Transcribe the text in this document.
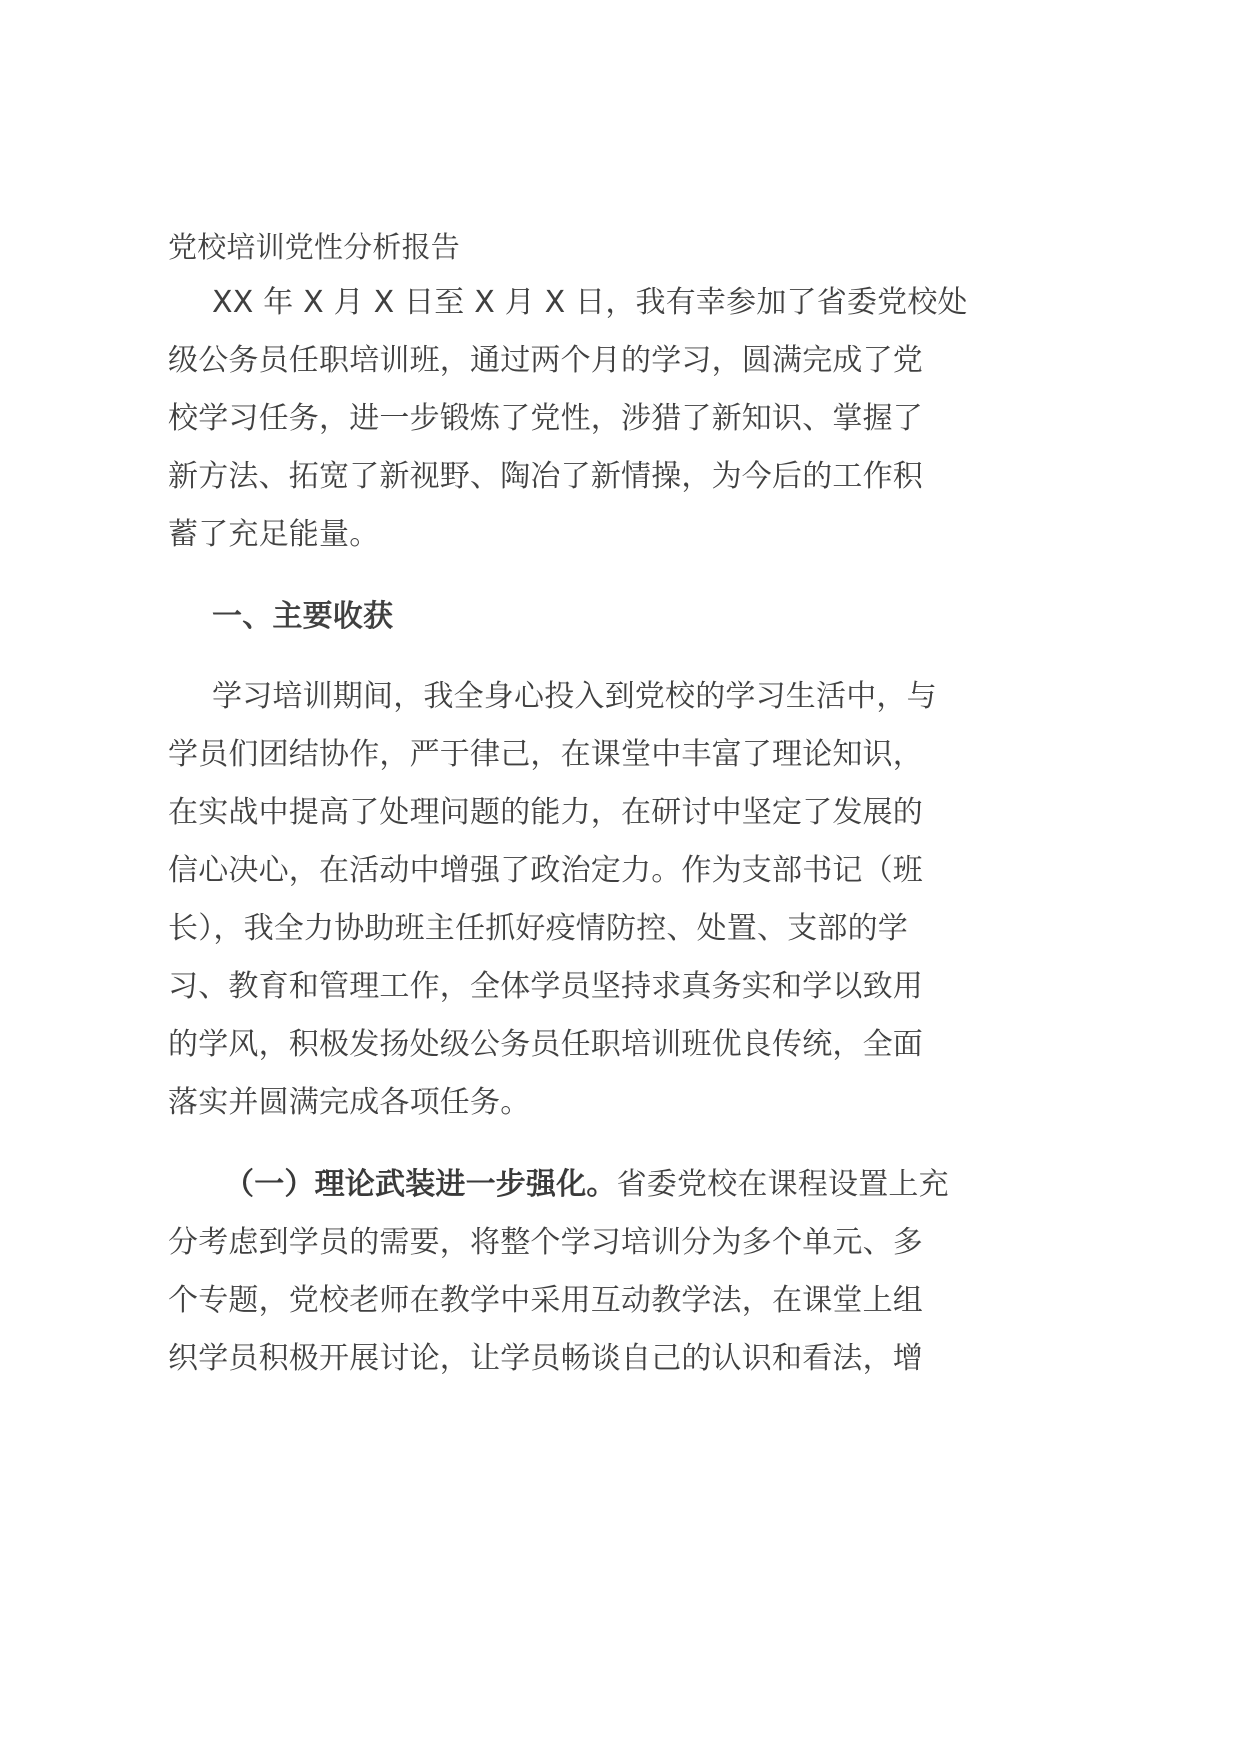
党校培训党性分析报告
XX 年 X 月 X 日至 X 月 X 日，我有幸参加了省委党校处
级公务员任职培训班，通过两个月的学习，圆满完成了党
校学习任务，进一步锻炼了党性，涉猎了新知识、掌握了
新方法、拓宽了新视野、陶冶了新情操，为今后的工作积
蓄了充足能量。
一、主要收获
学习培训期间，我全身心投入到党校的学习生活中，与
学员们团结协作，严于律己，在课堂中丰富了理论知识，
在实战中提高了处理问题的能力，在研讨中坚定了发展的
信心决心，在活动中增强了政治定力。作为支部书记（班
长），我全力协助班主任抓好疫情防控、处置、支部的学
习、教育和管理工作，全体学员坚持求真务实和学以致用
的学风，积极发扬处级公务员任职培训班优良传统，全面
落实并圆满完成各项任务。
（一）理论武装进一步强化。省委党校在课程设置上充
分考虑到学员的需要，将整个学习培训分为多个单元、多
个专题，党校老师在教学中采用互动教学法，在课堂上组
织学员积极开展讨论，让学员畅谈自己的认识和看法，增
